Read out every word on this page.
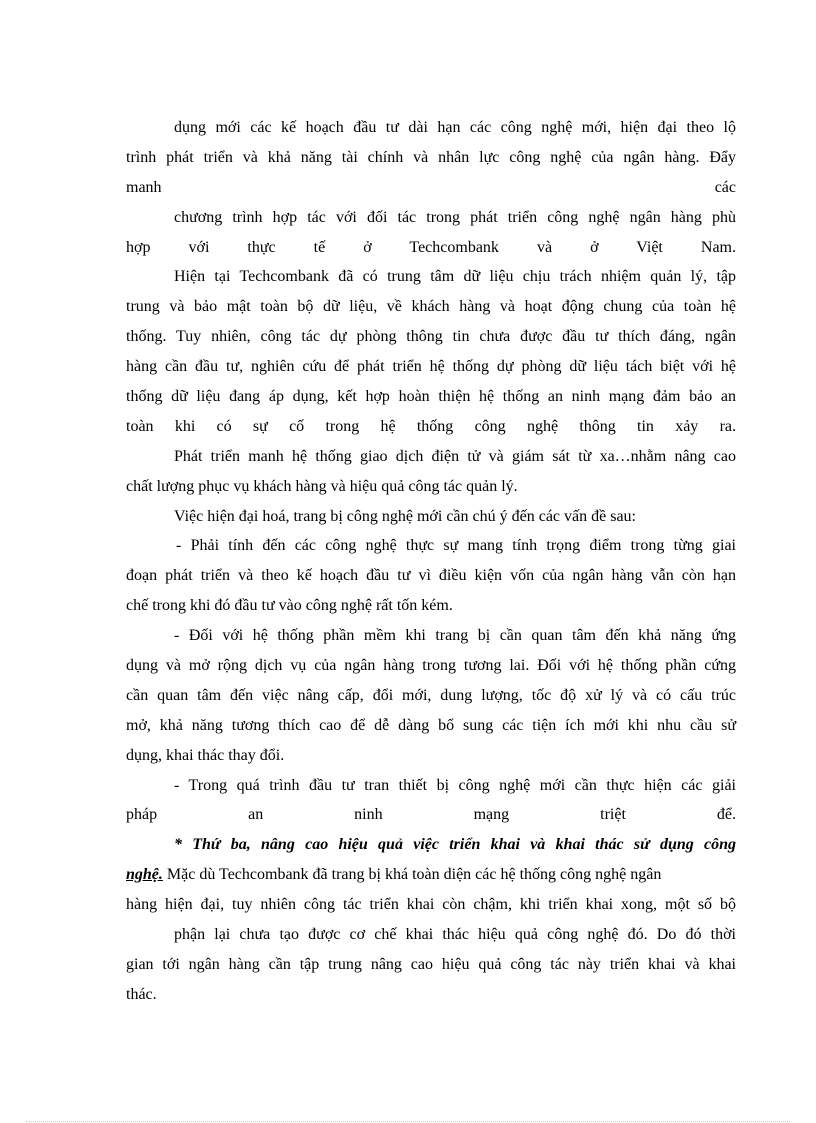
dụng mới các kế hoạch đầu tư dài hạn các công nghệ mới, hiện đại theo lộ
trình phát triển và khả năng tài chính và nhân lực công nghệ của ngân hàng. Đẩy
manh	các
chương trình hợp tác với đối tác trong phát triển công nghệ ngân hàng phù
hợp với thực tế ở Techcombank và ở Việt Nam.
Hiện tại Techcombank đã có trung tâm dữ liệu chịu trách nhiệm quản lý, tập
trung và bảo mật toàn bộ dữ liệu, về khách hàng và hoạt động chung của toàn hệ
thống. Tuy nhiên, công tác dự phòng thông tin chưa được đầu tư thích đáng, ngân
hàng cần đầu tư, nghiên cứu để phát triển hệ thống dự phòng dữ liệu tách biệt với hệ
thống dữ liệu đang áp dụng, kết hợp hoàn thiện hệ thống an ninh mạng đảm bảo an
toàn khi có sự cố trong hệ thống công nghệ thông tin xảy ra.
Phát triển manh hệ thống giao dịch điện tử và giám sát từ xa…nhằm nâng cao
chất lượng phục vụ khách hàng và hiệu quả công tác quản lý.
Việc hiện đại hoá, trang bị công nghệ mới cần chú ý đến các vấn đề sau:
- Phải tính đến các công nghệ thực sự mang tính trọng điểm trong từng giai
đoạn phát triển và theo kế hoạch đầu tư vì điều kiện vốn của ngân hàng vẫn còn hạn
chế trong khi đó đầu tư vào công nghệ rất tốn kém.
- Đối với hệ thống phần mềm khi trang bị cần quan tâm đến khả năng ứng
dụng và mở rộng dịch vụ của ngân hàng trong tương lai. Đối với hệ thống phần cứng
cần quan tâm đến việc nâng cấp, đổi mới, dung lượng, tốc độ xử lý và có cấu trúc
mở, khả năng tương thích cao để dễ dàng bổ sung các tiện ích mới khi nhu cầu sử
dụng, khai thác thay đổi.
- Trong quá trình đầu tư tran thiết bị công nghệ mới cần thực hiện các giải
pháp an ninh mạng triệt để.
* Thứ ba, nâng cao hiệu quả việc triển khai và khai thác sử dụng công
nghệ. Mặc dù Techcombank đã trang bị khá toàn diện các hệ thống công nghệ ngân
hàng hiện đại, tuy nhiên công tác triển khai còn chậm, khi triển khai xong, một số bộ
phận lại chưa tạo được cơ chế khai thác hiệu quả công nghệ đó. Do đó thời
gian tới ngân hàng cần tập trung nâng cao hiệu quả công tác này triển khai và khai
thác.
